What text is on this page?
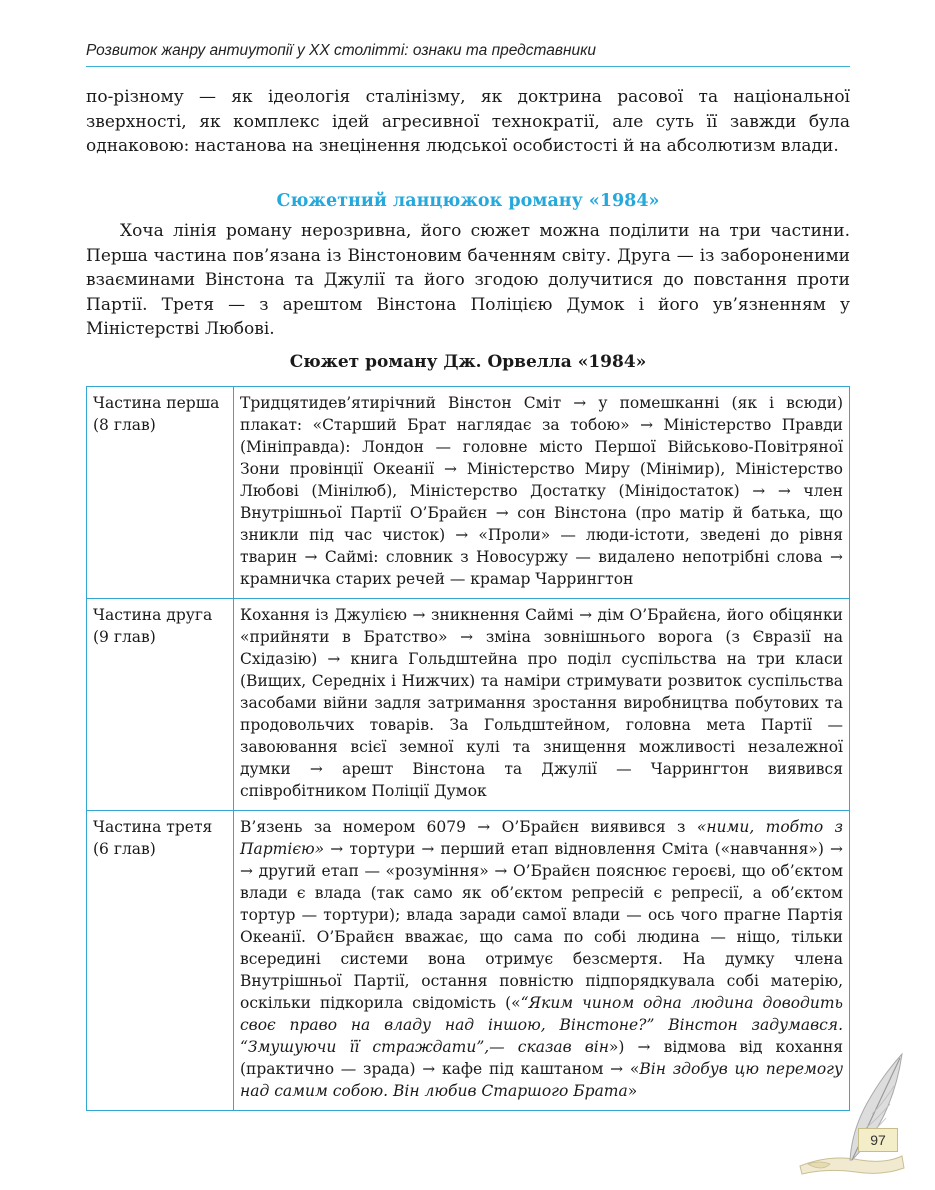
Розвиток жанру антиутопії у ХХ столітті: ознаки та представники
по-різному — як ідеологія сталінізму, як доктрина расової та національної зверхності, як комплекс ідей агресивної технократії, але суть її завжди була однаковою: настанова на знецінення людської особистості й на абсолютизм влади.
Сюжетний ланцюжок роману «1984»
Хоча лінія роману нерозривна, його сюжет можна поділити на три частини. Перша частина пов’язана із Вінстоновим баченням світу. Друга — із забороненими взаєминами Вінстона та Джулії та його згодою долучитися до повстання проти Партії. Третя — з арештом Вінстона Поліцією Думок і його ув’язненням у Міністерстві Любові.
Сюжет роману Дж. Орвелла «1984»
Частина перша
(8 глав)	Тридцятидев’ятирічний Вінстон Сміт → у помешканні (як і всюди) плакат: «Старший Брат наглядає за тобою» → Міністерство Правди (Мініправда): Лондон — головне місто Першої Військово-Повітряної Зони провінції Океанії → Міністерство Миру (Мінімир), Міністерство Любові (Мінілюб), Міністерство Достатку (Мінідостаток) → → член Внутрішньої Партії О’Брайєн → сон Вінстона (про матір й батька, що зникли під час чисток) → «Проли» — люди-істоти, зведені до рівня тварин → Саймі: словник з Новосуржу — видалено непотрібні слова → крамничка старих речей — крамар Чаррингтон

Частина друга
(9 глав)	Кохання із Джулією → зникнення Саймі → дім О’Брайєна, його обіцянки «прийняти в Братство» → зміна зовнішнього ворога (з Євразії на Східазію) → книга Гольдштейна про поділ суспільства на три класи (Вищих, Середніх і Нижчих) та наміри стримувати розвиток суспільства засобами війни задля затримання зростання виробництва побутових та продовольчих товарів. За Гольдштейном, головна мета Партії — завоювання всієї земної кулі та знищення можливості незалежної думки → арешт Вінстона та Джулії — Чаррингтон виявився співробітником Поліції Думок

Частина третя
(6 глав)	В’язень за номером 6079 → О’Брайєн виявився з «ними, тобто з Партією» → тортури → перший етап відновлення Сміта («навчання») → → другий етап — «розуміння» → О’Брайєн пояснює героєві, що об’єктом влади є влада (так само як об’єктом репресій є репресії, а об’єктом тортур — тортури); влада заради самої влади — ось чого прагне Партія Океанії. О’Брайєн вважає, що сама по собі людина — ніщо, тільки всередині системи вона отримує безсмертя. На думку члена Внутрішньої Партії, остання повністю підпорядкувала собі матерію, оскільки підкорила свідомість («“Яким чином одна людина доводить своє право на владу над іншою, Вінстоне?” Вінстон задумався. “Змушуючи її страждати”,— сказав він») → відмова від кохання (практично — зрада) → кафе під каштаном → «Він здобув цю перемогу над самим собою. Він любив Старшого Брата»
97
